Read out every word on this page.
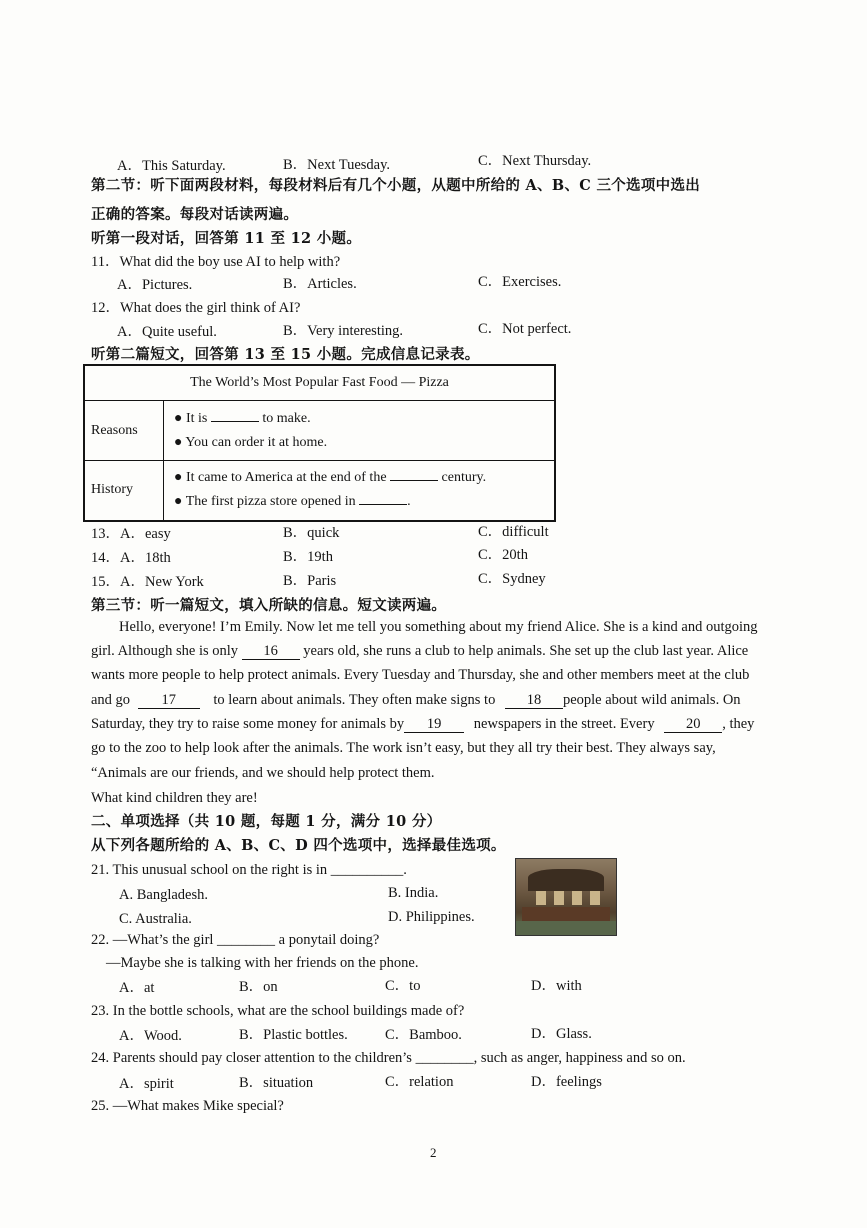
A．This Saturday.	B．Next Tuesday.	C．Next Thursday.
第二节：听下面两段材料，每段材料后有几个小题，从题中所给的 A、B、C 三个选项中选出
正确的答案。每段对话读两遍。
听第一段对话，回答第 11 至 12 小题。
11．What did the boy use AI to help with?
A．Pictures.	B．Articles.	C．Exercises.
12．What does the girl think of AI?
A．Quite useful.	B．Very interesting.	C．Not perfect.
听第二篇短文，回答第 13 至 15 小题。完成信息记录表。
The World’s Most Popular Fast Food — Pizza	
Reasons	● It is to make.
● You can order it at home.

History	● It came to America at the end of the century.
● The first pizza store opened in .
13．A．easy	B．quick	C．difficult
14．A．18th	B．19th	C．20th
15．A．New York	B．Paris	C．Sydney
第三节：听一篇短文，填入所缺的信息。短文读两遍。
Hello, everyone! I’m Emily. Now let me tell you something about my friend Alice. She is a kind and outgoing
girl. Although she is only 16 years old, she runs a club to help animals. She set up the club last year. Alice
wants more people to help protect animals. Every Tuesday and Thursday, she and other members meet at the club
and go 17	to learn about animals. They often make signs to 18 people about wild animals. On
Saturday, they try to raise some money for animals by 19 newspapers in the street. Every 20 , they
go to the zoo to help look after the animals. The work isn’t easy, but they all try their best. They always say,
“Animals are our friends, and we should help protect them.
What kind children they are!
二、单项选择（共 10 题，每题 1 分，满分 10 分）
从下列各题所给的 A、B、C、D 四个选项中，选择最佳选项。
21. This unusual school on the right is in __________.
A. Bangladesh.	B. India.
C. Australia.	D. Philippines.
22. —What’s the girl ________ a ponytail doing?
—Maybe she is talking with her friends on the phone.
A．at	B．on	C．to	D．with
23. In the bottle schools, what are the school buildings made of?
A．Wood.	B．Plastic bottles.	C．Bamboo.	D．Glass.
24. Parents should pay closer attention to the children’s ________, such as anger, happiness and so on.
A．spirit	B．situation	C．relation	D．feelings
25. —What makes Mike special?
2
